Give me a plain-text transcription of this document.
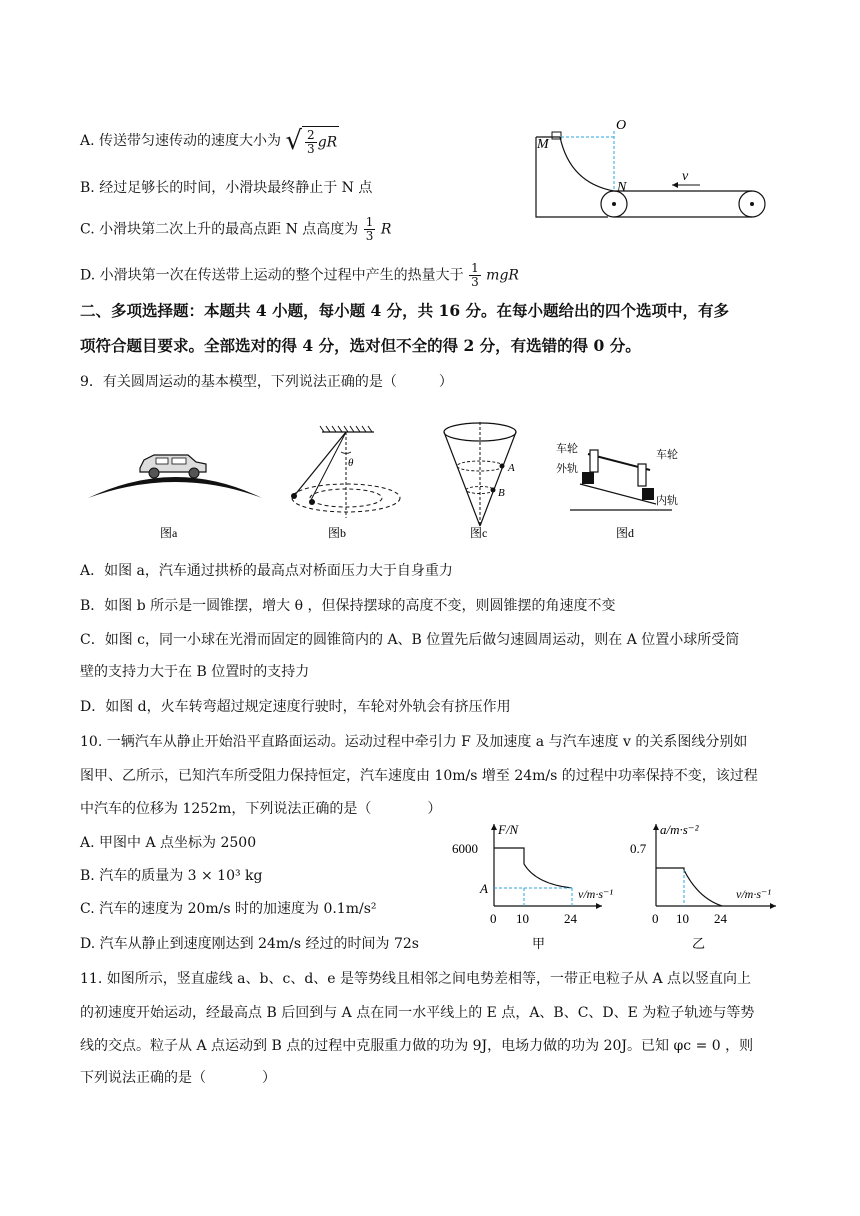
A. 传送带匀速传动的速度大小为 √ $\frac{2}{3}$ gR
B. 经过足够长的时间，小滑块最终静止于 N 点
C. 小滑块第二次上升的最高点距 N 点高度为 $\frac{1}{3}$ R
D. 小滑块第一次在传送带上运动的整个过程中产生的热量大于 $\frac{1}{3}$ mgR
O
M
N
v
二、多项选择题：本题共 4 小题，每小题 4 分，共 16 分。在每小题给出的四个选项中，有多
项符合题目要求。全部选对的得 4 分，选对但不全的得 2 分，有选错的得 0 分。
9．有关圆周运动的基本模型，下列说法正确的是（　　　）
图a
θ
图b
A
B
图c
车轮
外轨
车轮
内轨
图d
A．如图 a，汽车通过拱桥的最高点对桥面压力大于自身重力
B．如图 b 所示是一圆锥摆，增大 θ ，但保持摆球的高度不变，则圆锥摆的角速度不变
C．如图 c，同一小球在光滑而固定的圆锥筒内的 A、B 位置先后做匀速圆周运动，则在 A 位置小球所受筒
壁的支持力大于在 B 位置时的支持力
D．如图 d，火车转弯超过规定速度行驶时，车轮对外轨会有挤压作用
10. 一辆汽车从静止开始沿平直路面运动。运动过程中牵引力 F 及加速度 a 与汽车速度 v 的关系图线分别如
图甲、乙所示，已知汽车所受阻力保持恒定，汽车速度由 10m/s 增至 24m/s 的过程中功率保持不变，该过程
中汽车的位移为 1252m，下列说法正确的是（　　　　）
A. 甲图中 A 点坐标为 2500
B. 汽车的质量为 3 × 10³ kg
C. 汽车的速度为 20m/s 时的加速度为 0.1m/s²
D. 汽车从静止到速度刚达到 24m/s 经过的时间为 72s
F/N
6000
A	v/m·s⁻¹
0 10	24
甲
a/m·s⁻²
0.7
v/m·s⁻¹
0 10 24
乙
11. 如图所示，竖直虚线 a、b、c、d、e 是等势线且相邻之间电势差相等，一带正电粒子从 A 点以竖直向上
的初速度开始运动，经最高点 B 后回到与 A 点在同一水平线上的 E 点，A、B、C、D、E 为粒子轨迹与等势
线的交点。粒子从 A 点运动到 B 点的过程中克服重力做的功为 9J，电场力做的功为 20J。已知 φc = 0 ，则
下列说法正确的是（　　　　）
